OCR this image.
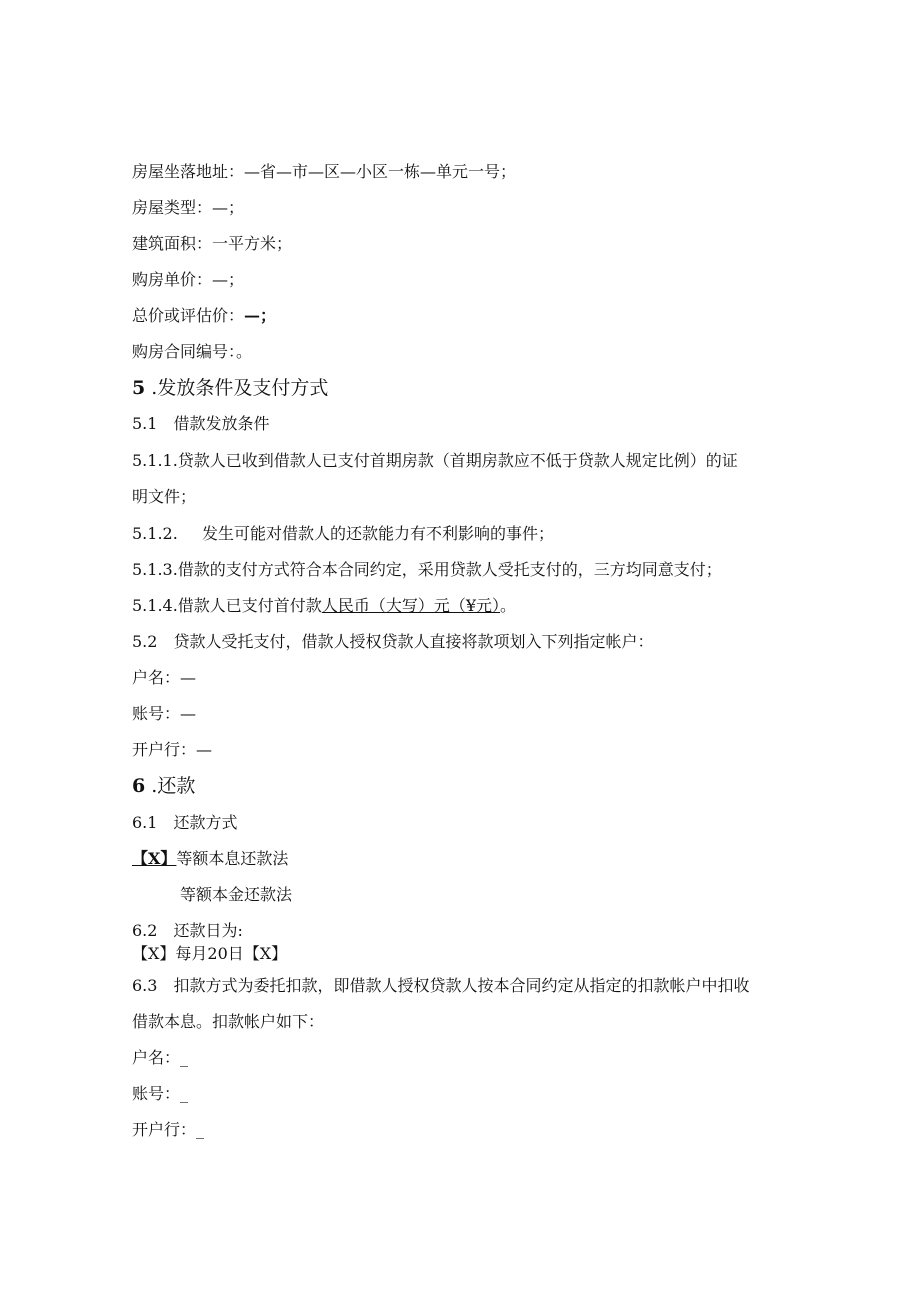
房屋坐落地址：—省—市—区—小区一栋—单元一号；
房屋类型：—；
建筑面积：一平方米；
购房单价：—；
总价或评估价：—；
购房合同编号：。
5 .发放条件及支付方式
5.1　借款发放条件
5.1.1.贷款人已收到借款人已支付首期房款（首期房款应不低于贷款人规定比例）的证
明文件；
5.1.2. 发生可能对借款人的还款能力有不利影响的事件；
5.1.3.借款的支付方式符合本合同约定，采用贷款人受托支付的，三方均同意支付；
5.1.4.借款人已支付首付款人民币（大写）元（¥元）。
5.2　贷款人受托支付，借款人授权贷款人直接将款项划入下列指定帐户：
户名：—
账号：—
开户行：—
6 .还款
6.1　还款方式
【X】等额本息还款法
等额本金还款法
6.2　还款日为:
【X】每月20日【X】
6.3　扣款方式为委托扣款，即借款人授权贷款人按本合同约定从指定的扣款帐户中扣收
借款本息。扣款帐户如下：
户名：_
账号：_
开户行：_
